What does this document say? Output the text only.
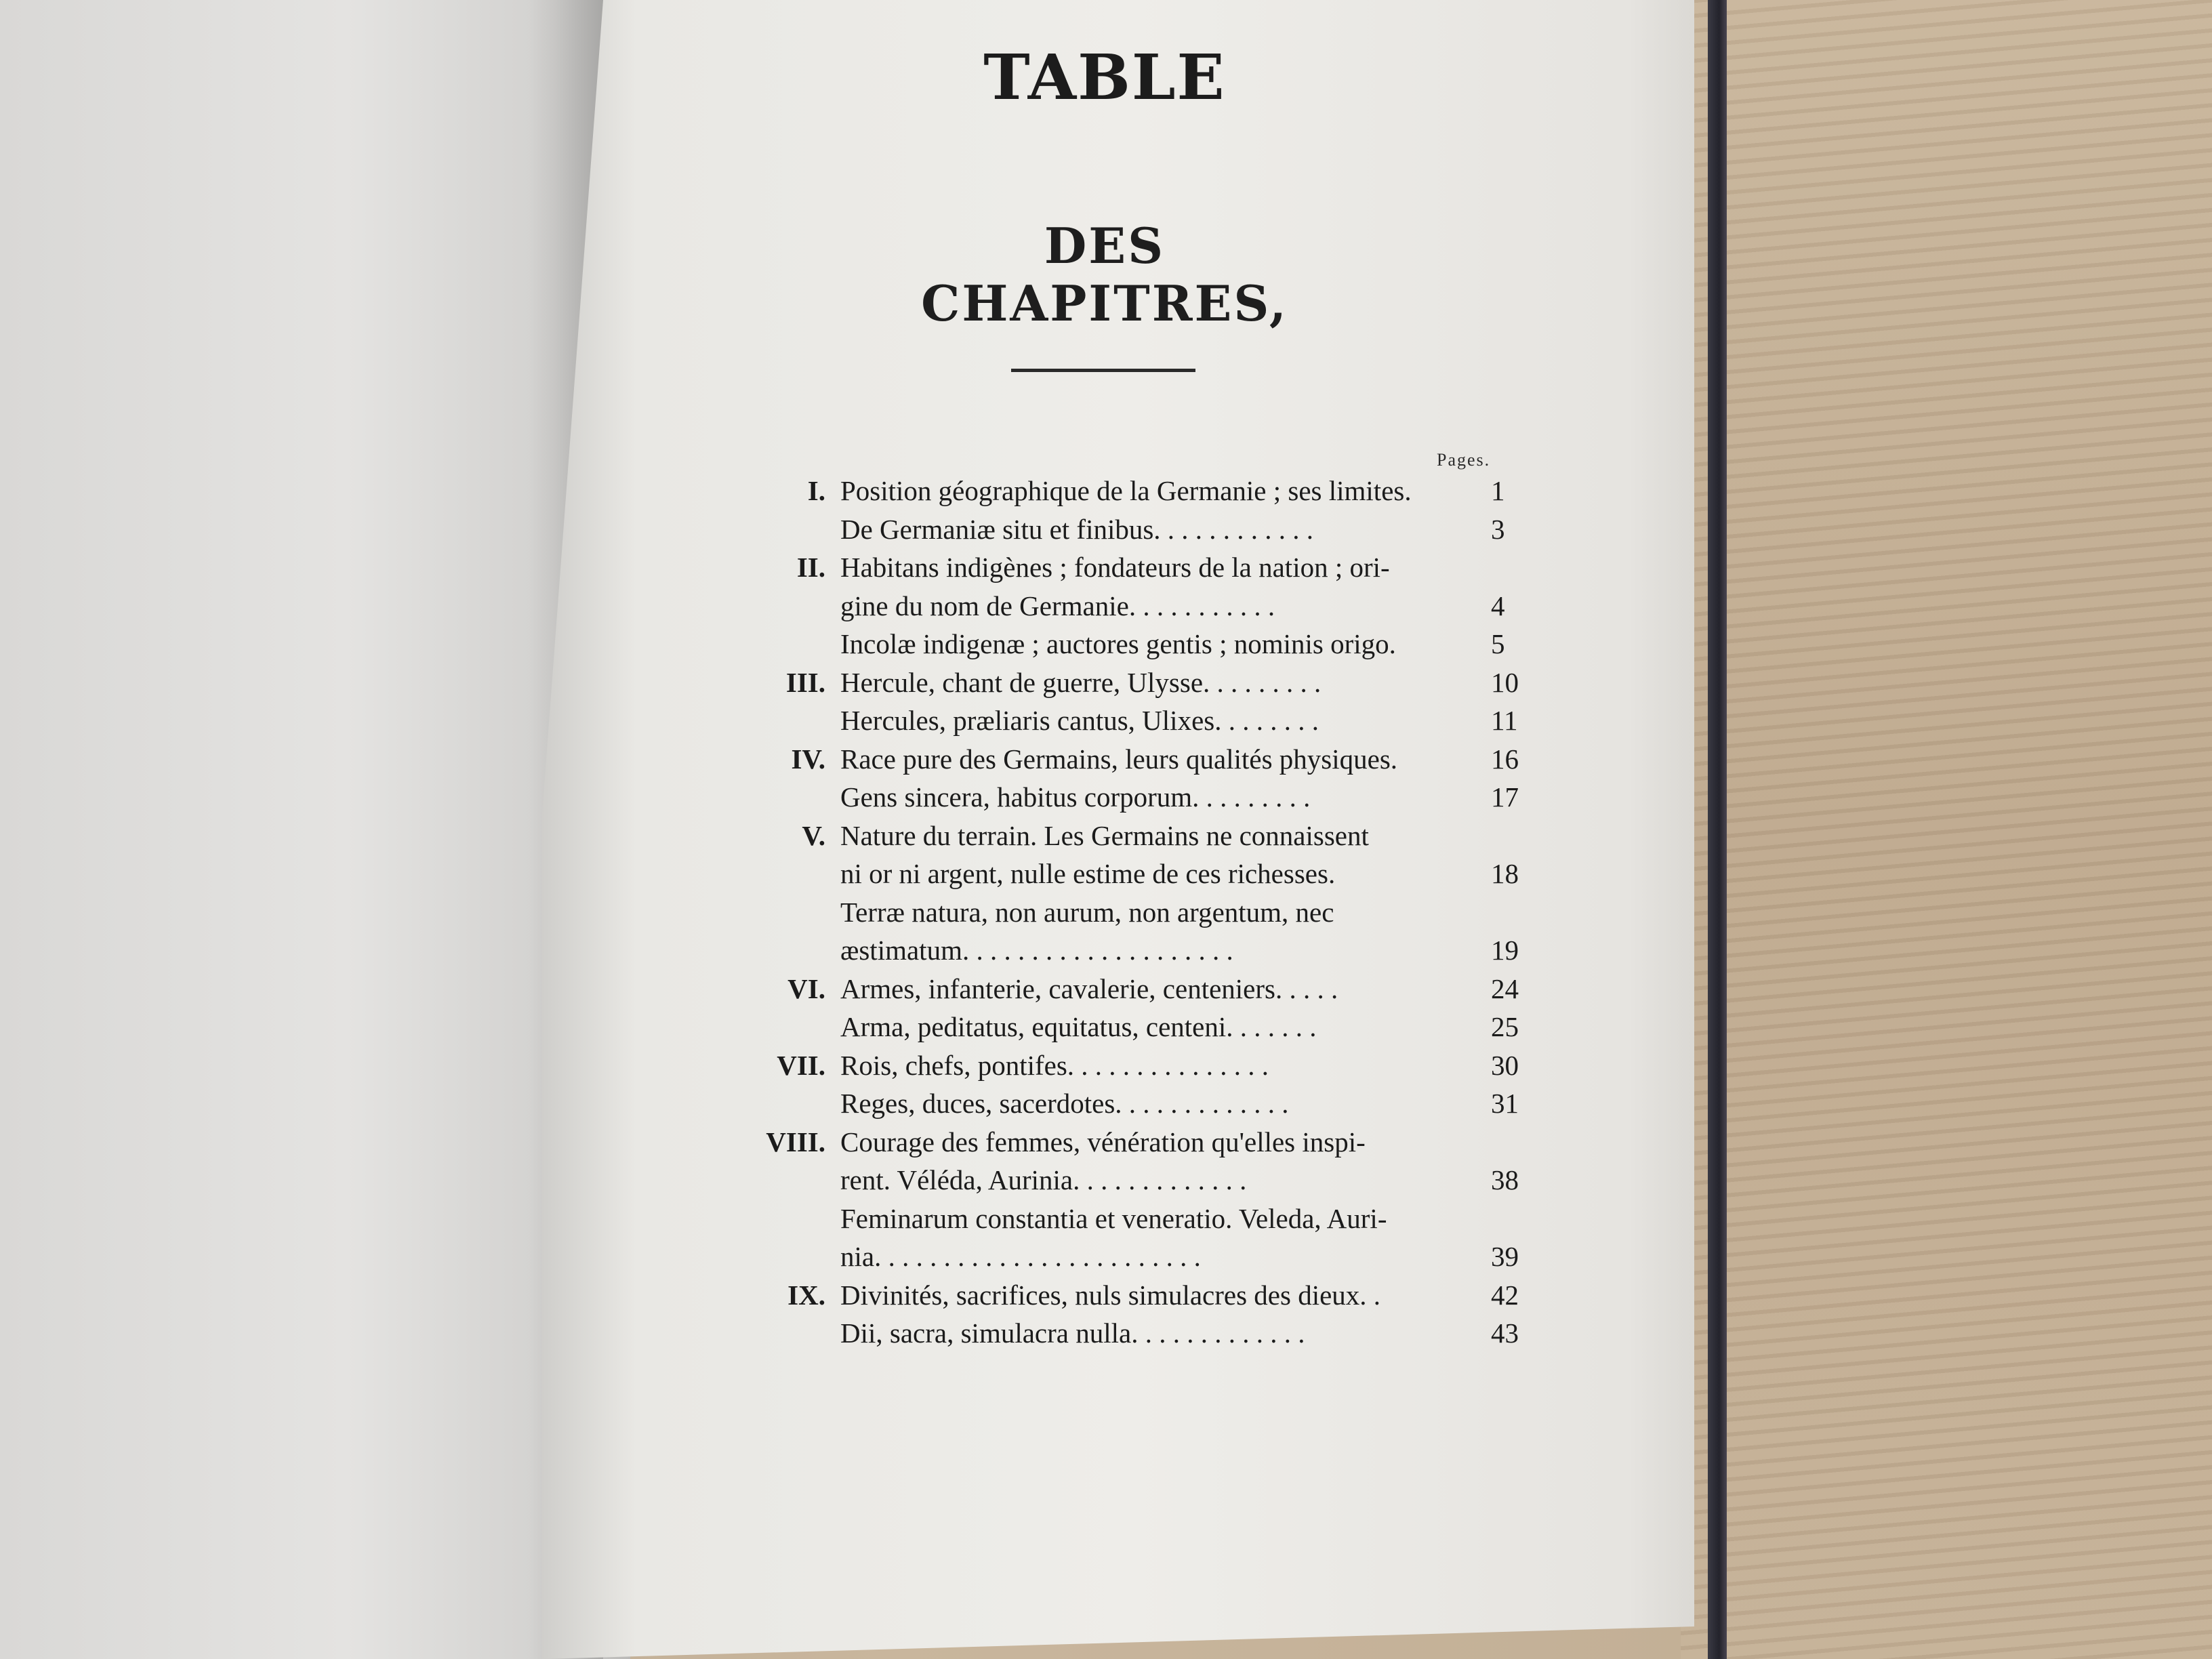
TABLE
DES CHAPITRES,
Pages.
I. Position géographique de la Germanie ; ses limites.	1
De Germaniæ situ et finibus. . . . . . . . . . . .	3
II. Habitans indigènes ; fondateurs de la nation ; ori-
gine du nom de Germanie. . . . . . . . . . .	4
Incolæ indigenæ ; auctores gentis ; nominis origo.	5
III. Hercule, chant de guerre, Ulysse. . . . . . . . .	10
Hercules, præliaris cantus, Ulixes. . . . . . . .	11
IV. Race pure des Germains, leurs qualités physiques.	16
Gens sincera, habitus corporum. . . . . . . . .	17
V. Nature du terrain. Les Germains ne connaissent
ni or ni argent, nulle estime de ces richesses.	18
Terræ natura, non aurum, non argentum, nec
æstimatum. . . . . . . . . . . . . . . . . . . .	19
VI. Armes, infanterie, cavalerie, centeniers. . . . .	24
Arma, peditatus, equitatus, centeni. . . . . . .	25
VII. Rois, chefs, pontifes. . . . . . . . . . . . . . .	30
Reges, duces, sacerdotes. . . . . . . . . . . . .	31
VIII. Courage des femmes, vénération qu'elles inspi-
rent. Véléda, Aurinia. . . . . . . . . . . . .	38
Feminarum constantia et veneratio. Veleda, Auri-
nia. . . . . . . . . . . . . . . . . . . . . . . .	39
IX. Divinités, sacrifices, nuls simulacres des dieux. .	42
Dii, sacra, simulacra nulla. . . . . . . . . . . . .	43
